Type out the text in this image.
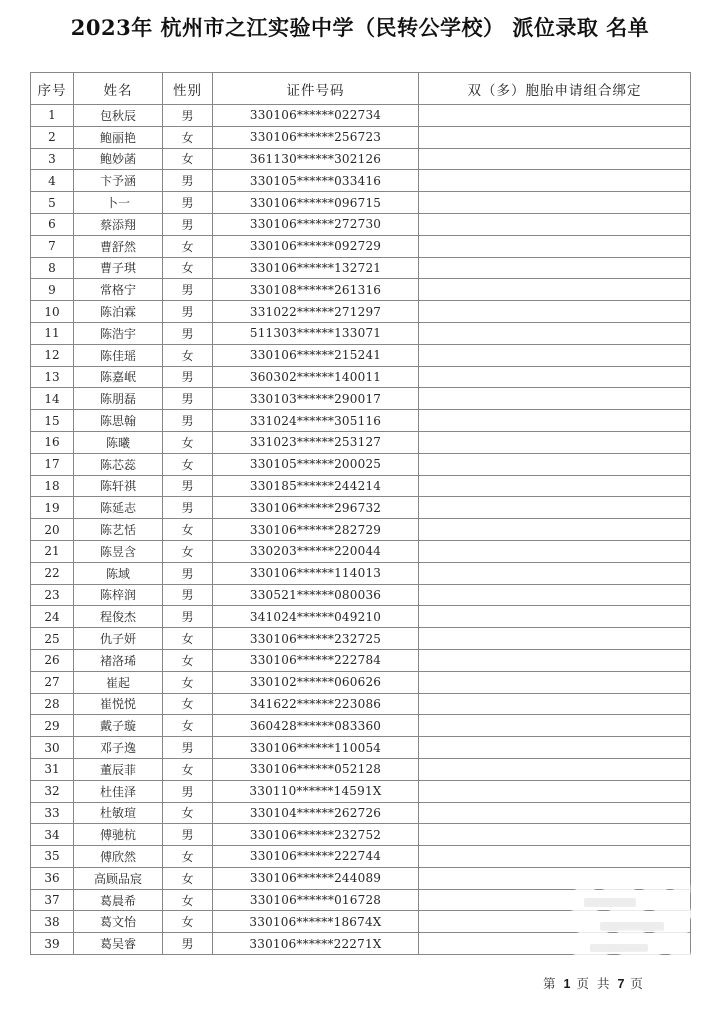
2023年 杭州市之江实验中学（民转公学校） 派位录取 名单
序号	姓名	性别	证件号码	双（多）胞胎申请组合绑定
1	包秋辰	男	330106******022734	
2	鲍丽艳	女	330106******256723	
3	鲍妙菡	女	361130******302126	
4	卞予涵	男	330105******033416	
5	卜一	男	330106******096715	
6	蔡添翔	男	330106******272730	
7	曹舒然	女	330106******092729	
8	曹子琪	女	330106******132721	
9	常格宁	男	330108******261316	
10	陈泊霖	男	331022******271297	
11	陈浩宇	男	511303******133071	
12	陈佳瑶	女	330106******215241	
13	陈嘉岷	男	360302******140011	
14	陈朋磊	男	330103******290017	
15	陈思翰	男	331024******305116	
16	陈曦	女	331023******253127	
17	陈芯蕊	女	330105******200025	
18	陈轩祺	男	330185******244214	
19	陈延志	男	330106******296732	
20	陈艺恬	女	330106******282729	
21	陈昱含	女	330203******220044	
22	陈域	男	330106******114013	
23	陈梓润	男	330521******080036	
24	程俊杰	男	341024******049210	
25	仇子妍	女	330106******232725	
26	褚洛琋	女	330106******222784	
27	崔起	女	330102******060626	
28	崔悦悦	女	341622******223086	
29	戴子璇	女	360428******083360	
30	邓子逸	男	330106******110054	
31	董辰菲	女	330106******052128	
32	杜佳泽	男	330110******14591X	
33	杜敏瑄	女	330104******262726	
34	傅驰杭	男	330106******232752	
35	傅欣然	女	330106******222744	
36	高顾品宸	女	330106******244089	
37	葛晨希	女	330106******016728	
38	葛文怡	女	330106******18674X	
39	葛吴睿	男	330106******22271X	
第 1 页 共 7 页
